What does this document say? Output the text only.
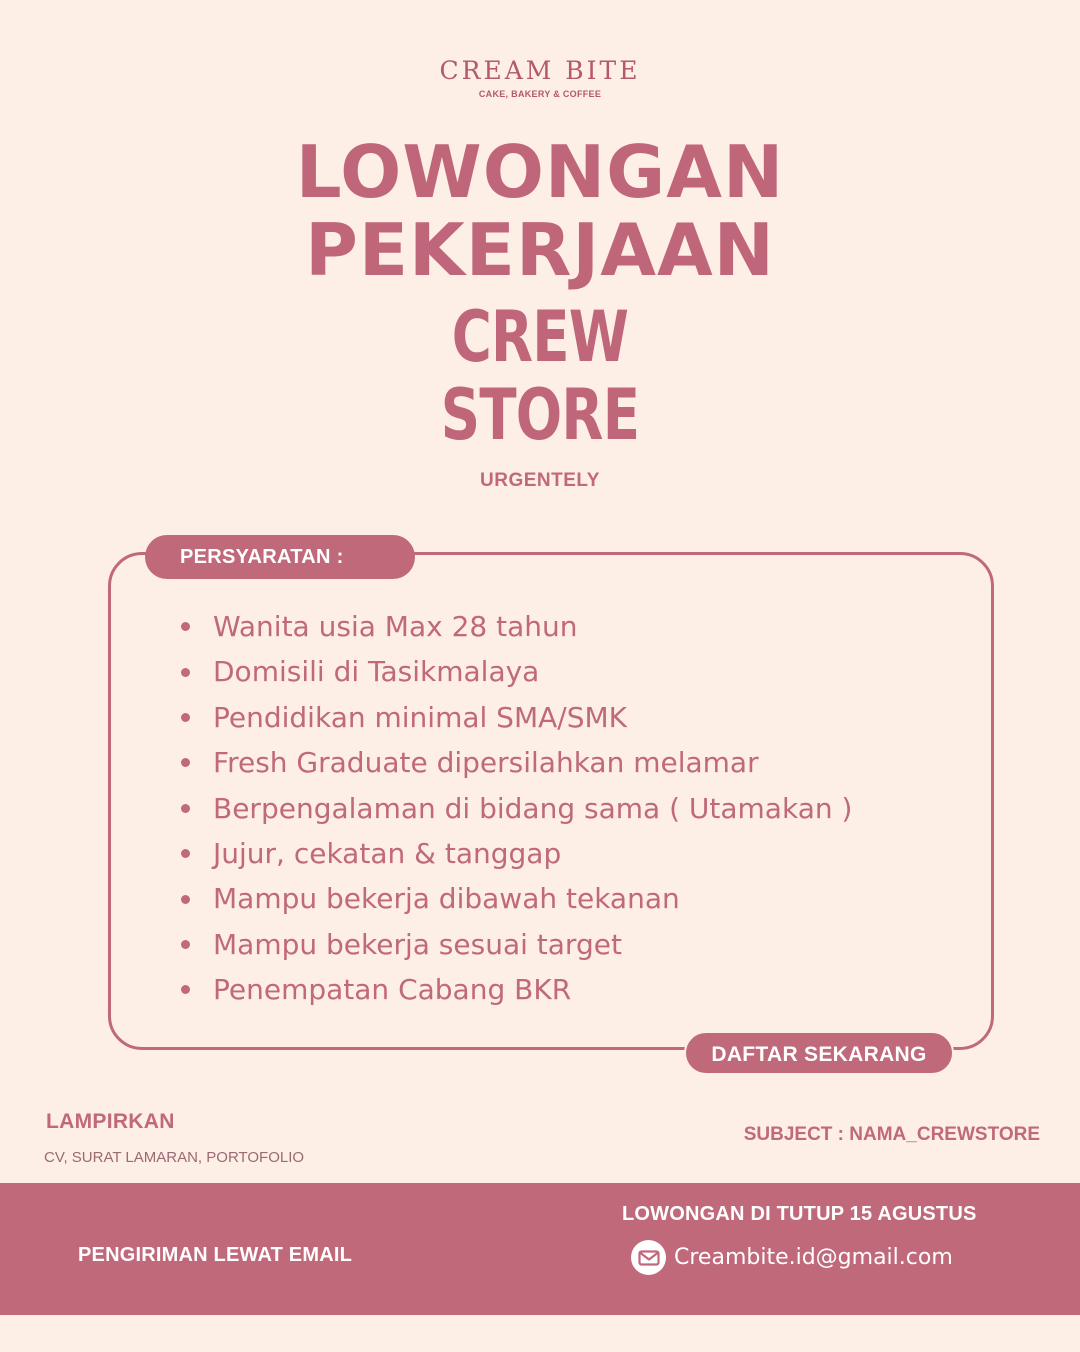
CREAM BITE
CAKE, BAKERY & COFFEE
LOWONGAN
PEKERJAAN
CREW
STORE
URGENTELY
PERSYARATAN :
Wanita usia Max 28 tahun
Domisili di Tasikmalaya
Pendidikan minimal SMA/SMK
Fresh Graduate dipersilahkan melamar
Berpengalaman di bidang sama ( Utamakan )
Jujur, cekatan & tanggap
Mampu bekerja dibawah tekanan
Mampu bekerja sesuai target
Penempatan Cabang BKR
DAFTAR SEKARANG
LAMPIRKAN
CV, SURAT LAMARAN, PORTOFOLIO
SUBJECT : NAMA_CREWSTORE
PENGIRIMAN LEWAT EMAIL
LOWONGAN DI TUTUP 15 AGUSTUS
Creambite.id@gmail.com
